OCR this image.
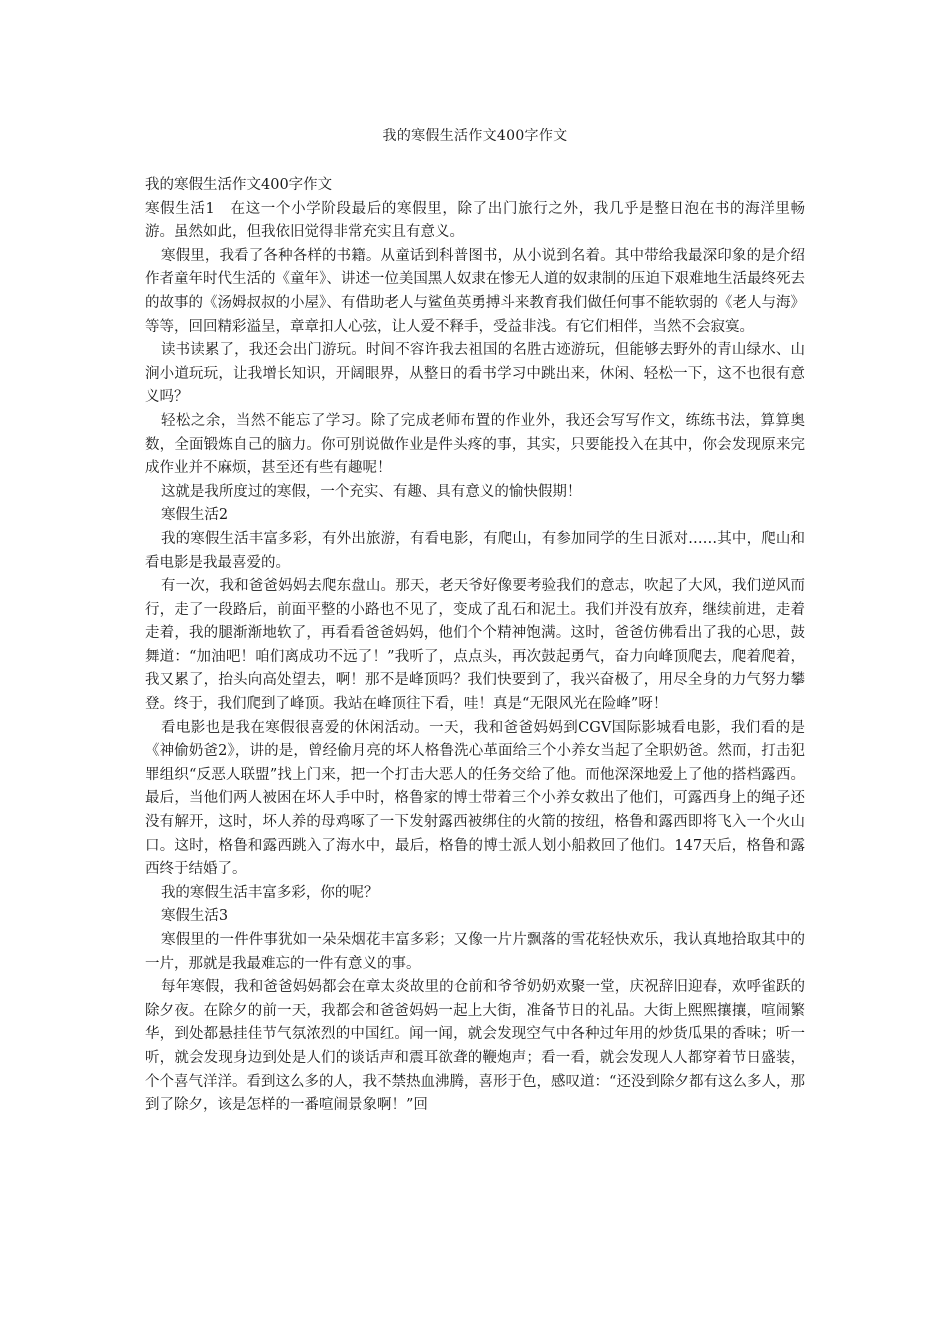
我的寒假生活作文400字作文

我的寒假生活作文400字作文

寒假生活1　在这一个小学阶段最后的寒假里，除了出门旅行之外，我几乎是整日泡在书的海洋里畅游。虽然如此，但我依旧觉得非常充实且有意义。

寒假里，我看了各种各样的书籍。从童话到科普图书，从小说到名着。其中带给我最深印象的是介绍作者童年时代生活的《童年》、讲述一位美国黑人奴隶在惨无人道的奴隶制的压迫下艰难地生活最终死去的故事的《汤姆叔叔的小屋》、有借助老人与鲨鱼英勇搏斗来教育我们做任何事不能软弱的《老人与海》等等，回回精彩溢呈，章章扣人心弦，让人爱不释手，受益非浅。有它们相伴，当然不会寂寞。

读书读累了，我还会出门游玩。时间不容许我去祖国的名胜古迹游玩，但能够去野外的青山绿水、山涧小道玩玩，让我增长知识，开阔眼界，从整日的看书学习中跳出来，休闲、轻松一下，这不也很有意义吗？

轻松之余，当然不能忘了学习。除了完成老师布置的作业外，我还会写写作文，练练书法，算算奥数，全面锻炼自己的脑力。你可别说做作业是件头疼的事，其实，只要能投入在其中，你会发现原来完成作业并不麻烦，甚至还有些有趣呢！

这就是我所度过的寒假，一个充实、有趣、具有意义的愉快假期！

寒假生活2

我的寒假生活丰富多彩，有外出旅游，有看电影，有爬山，有参加同学的生日派对……其中，爬山和看电影是我最喜爱的。

有一次，我和爸爸妈妈去爬东盘山。那天，老天爷好像要考验我们的意志，吹起了大风，我们逆风而行，走了一段路后，前面平整的小路也不见了，变成了乱石和泥土。我们并没有放弃，继续前进，走着走着，我的腿渐渐地软了，再看看爸爸妈妈，他们个个精神饱满。这时，爸爸仿佛看出了我的心思，鼓舞道：“加油吧！咱们离成功不远了！”我听了，点点头，再次鼓起勇气，奋力向峰顶爬去，爬着爬着，我又累了，抬头向高处望去，啊！那不是峰顶吗？我们快要到了，我兴奋极了，用尽全身的力气努力攀登。终于，我们爬到了峰顶。我站在峰顶往下看，哇！真是“无限风光在险峰”呀！

看电影也是我在寒假很喜爱的休闲活动。一天，我和爸爸妈妈到CGV国际影城看电影，我们看的是《神偷奶爸2》，讲的是，曾经偷月亮的坏人格鲁洗心革面给三个小养女当起了全职奶爸。然而，打击犯罪组织“反恶人联盟”找上门来，把一个打击大恶人的任务交给了他。而他深深地爱上了他的搭档露西。最后，当他们两人被困在坏人手中时，格鲁家的博士带着三个小养女救出了他们，可露西身上的绳子还没有解开，这时，坏人养的母鸡啄了一下发射露西被绑住的火箭的按纽，格鲁和露西即将飞入一个火山口。这时，格鲁和露西跳入了海水中，最后，格鲁的博士派人划小船救回了他们。147天后，格鲁和露西终于结婚了。

我的寒假生活丰富多彩，你的呢？

寒假生活3

寒假里的一件件事犹如一朵朵烟花丰富多彩；又像一片片飘落的雪花轻快欢乐，我认真地拾取其中的一片，那就是我最难忘的一件有意义的事。

每年寒假，我和爸爸妈妈都会在章太炎故里的仓前和爷爷奶奶欢聚一堂，庆祝辞旧迎春，欢呼雀跃的除夕夜。在除夕的前一天，我都会和爸爸妈妈一起上大街，准备节日的礼品。大街上熙熙攘攘，喧闹繁华，到处都悬挂佳节气氛浓烈的中国红。闻一闻，就会发现空气中各种过年用的炒货瓜果的香味；听一听，就会发现身边到处是人们的谈话声和震耳欲聋的鞭炮声；看一看，就会发现人人都穿着节日盛装，个个喜气洋洋。看到这么多的人，我不禁热血沸腾，喜形于色，感叹道：“还没到除夕都有这么多人，那到了除夕，该是怎样的一番喧闹景象啊！”回
